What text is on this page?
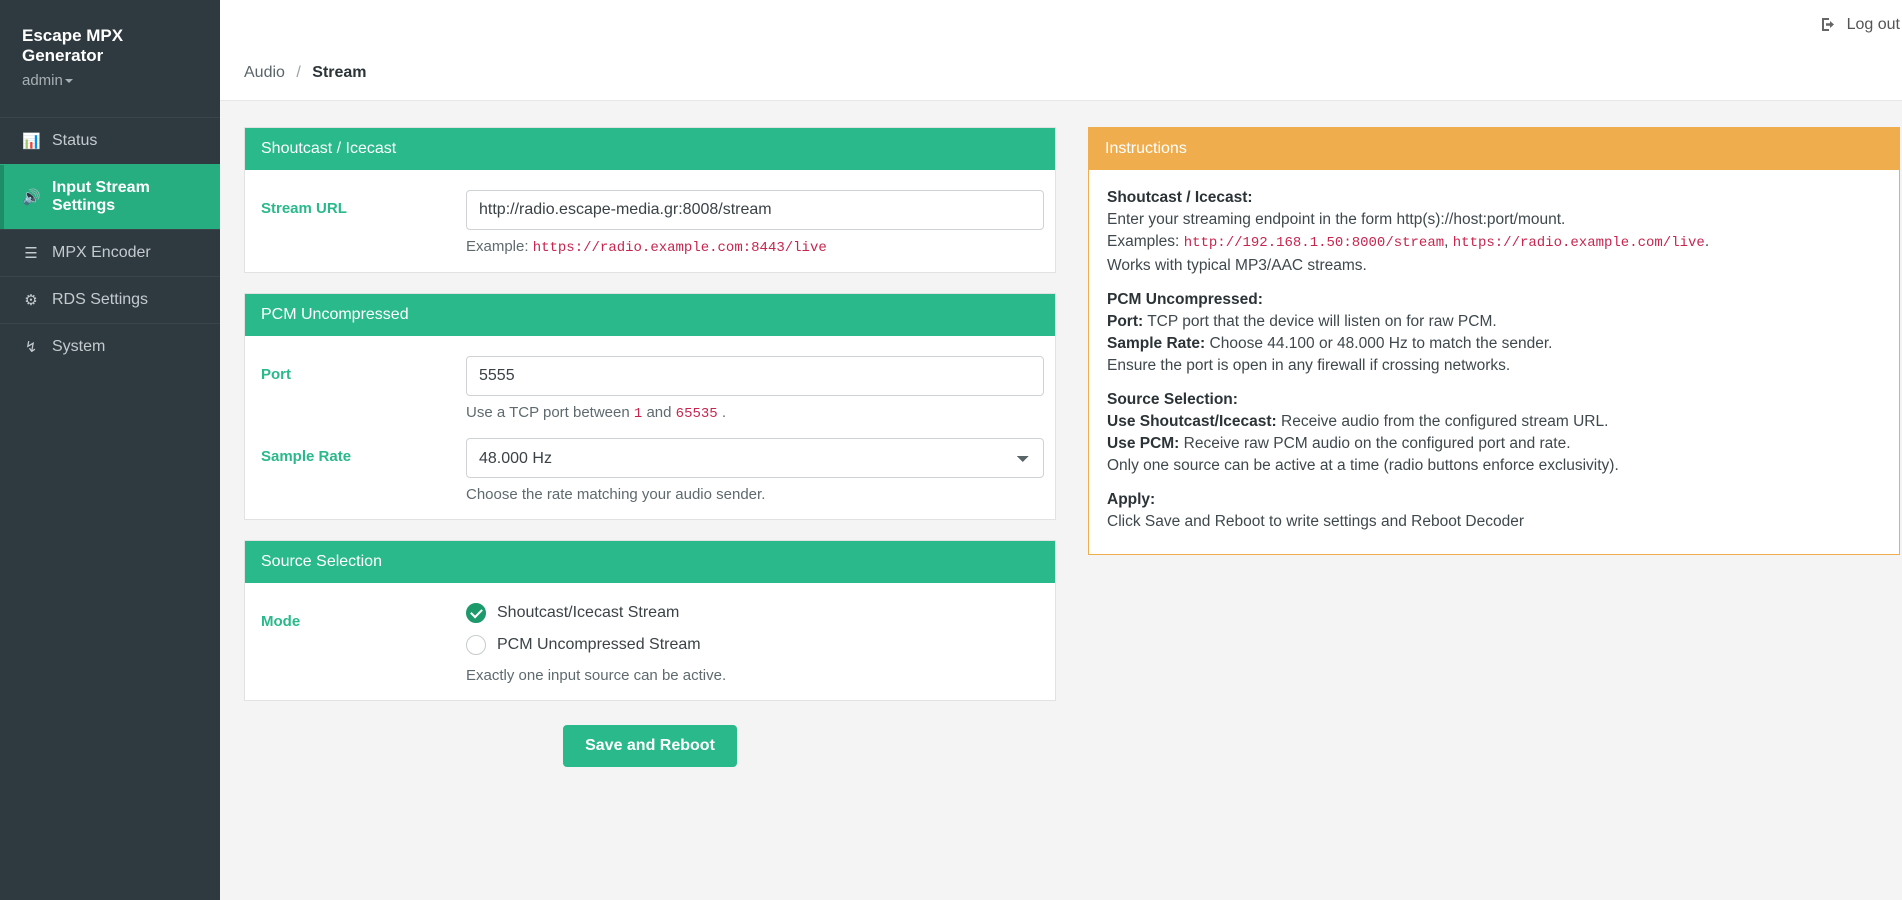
Escape MPX Generator
admin
📊 Status
🔊
Input Stream Settings
☰ MPX Encoder
⚙ RDS Settings
↯ System
Log out
Audio / Stream
Shoutcast / Icecast
Stream URL
http://radio.escape-media.gr:8008/stream
Example: https://radio.example.com:8443/live
PCM Uncompressed
Port
5555
Use a TCP port between 1 and 65535 .
Sample Rate
48.000 Hz
Choose the rate matching your audio sender.
Source Selection
Mode
Shoutcast/Icecast Stream
PCM Uncompressed Stream
Exactly one input source can be active.
Save and Reboot
Instructions
Shoutcast / Icecast:
Enter your streaming endpoint in the form http(s)://host:port/mount.
Examples: http://192.168.1.50:8000/stream, https://radio.example.com/live.
Works with typical MP3/AAC streams.
PCM Uncompressed:
Port: TCP port that the device will listen on for raw PCM.
Sample Rate: Choose 44.100 or 48.000 Hz to match the sender.
Ensure the port is open in any firewall if crossing networks.
Source Selection:
Use Shoutcast/Icecast: Receive audio from the configured stream URL.
Use PCM: Receive raw PCM audio on the configured port and rate.
Only one source can be active at a time (radio buttons enforce exclusivity).
Apply:
Click Save and Reboot to write settings and Reboot Decoder
